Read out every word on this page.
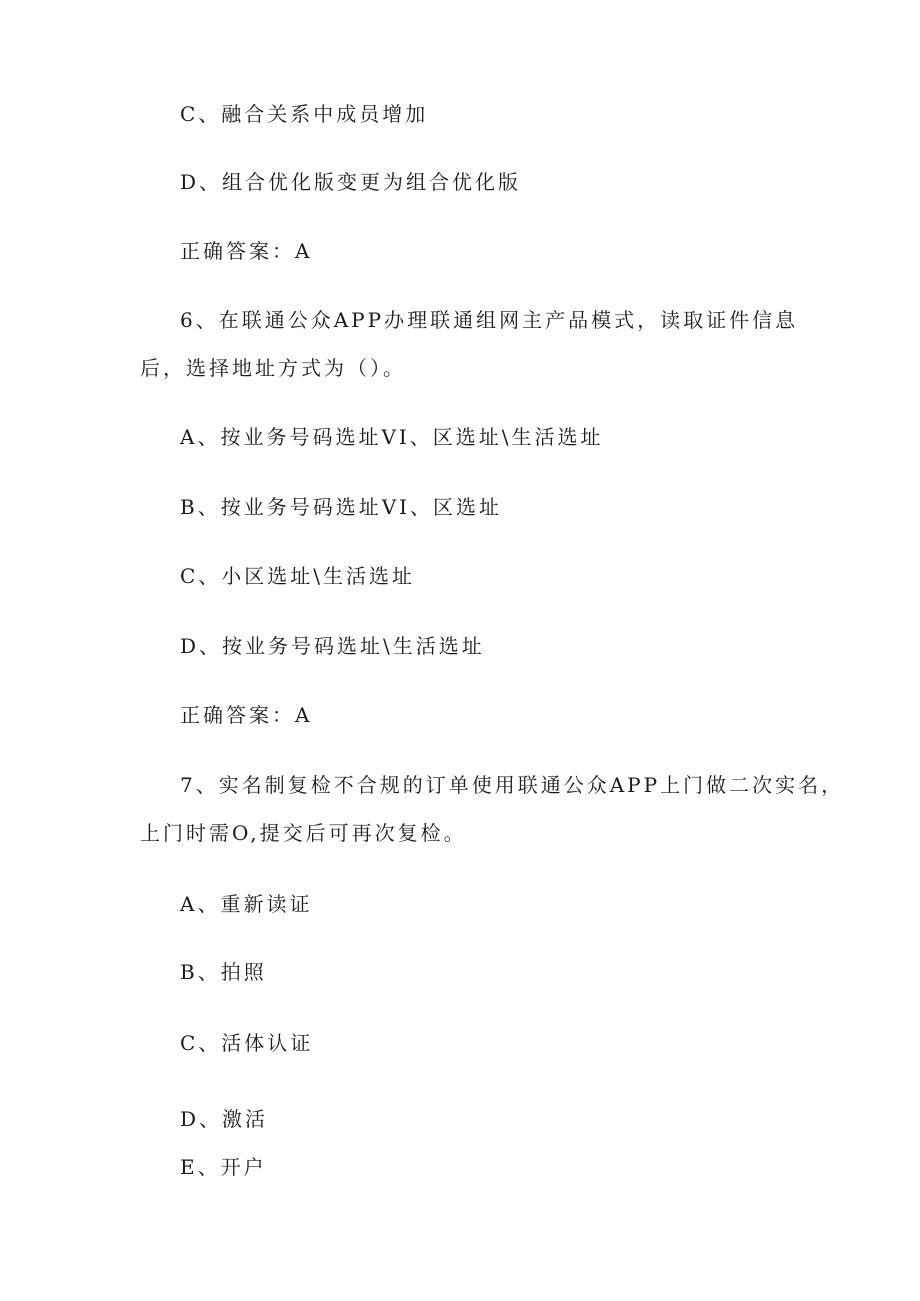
C、融合关系中成员增加
D、组合优化版变更为组合优化版
正确答案：A
6、在联通公众APP办理联通组网主产品模式，读取证件信息
后，选择地址方式为（）。
A、按业务号码选址VI、区选址\生活选址
B、按业务号码选址VI、区选址
C、小区选址\生活选址
D、按业务号码选址\生活选址
正确答案：A
7、实名制复检不合规的订单使用联通公众APP上门做二次实名，
上门时需O,提交后可再次复检。
A、重新读证
B、拍照
C、活体认证
D、激活
E、开户
